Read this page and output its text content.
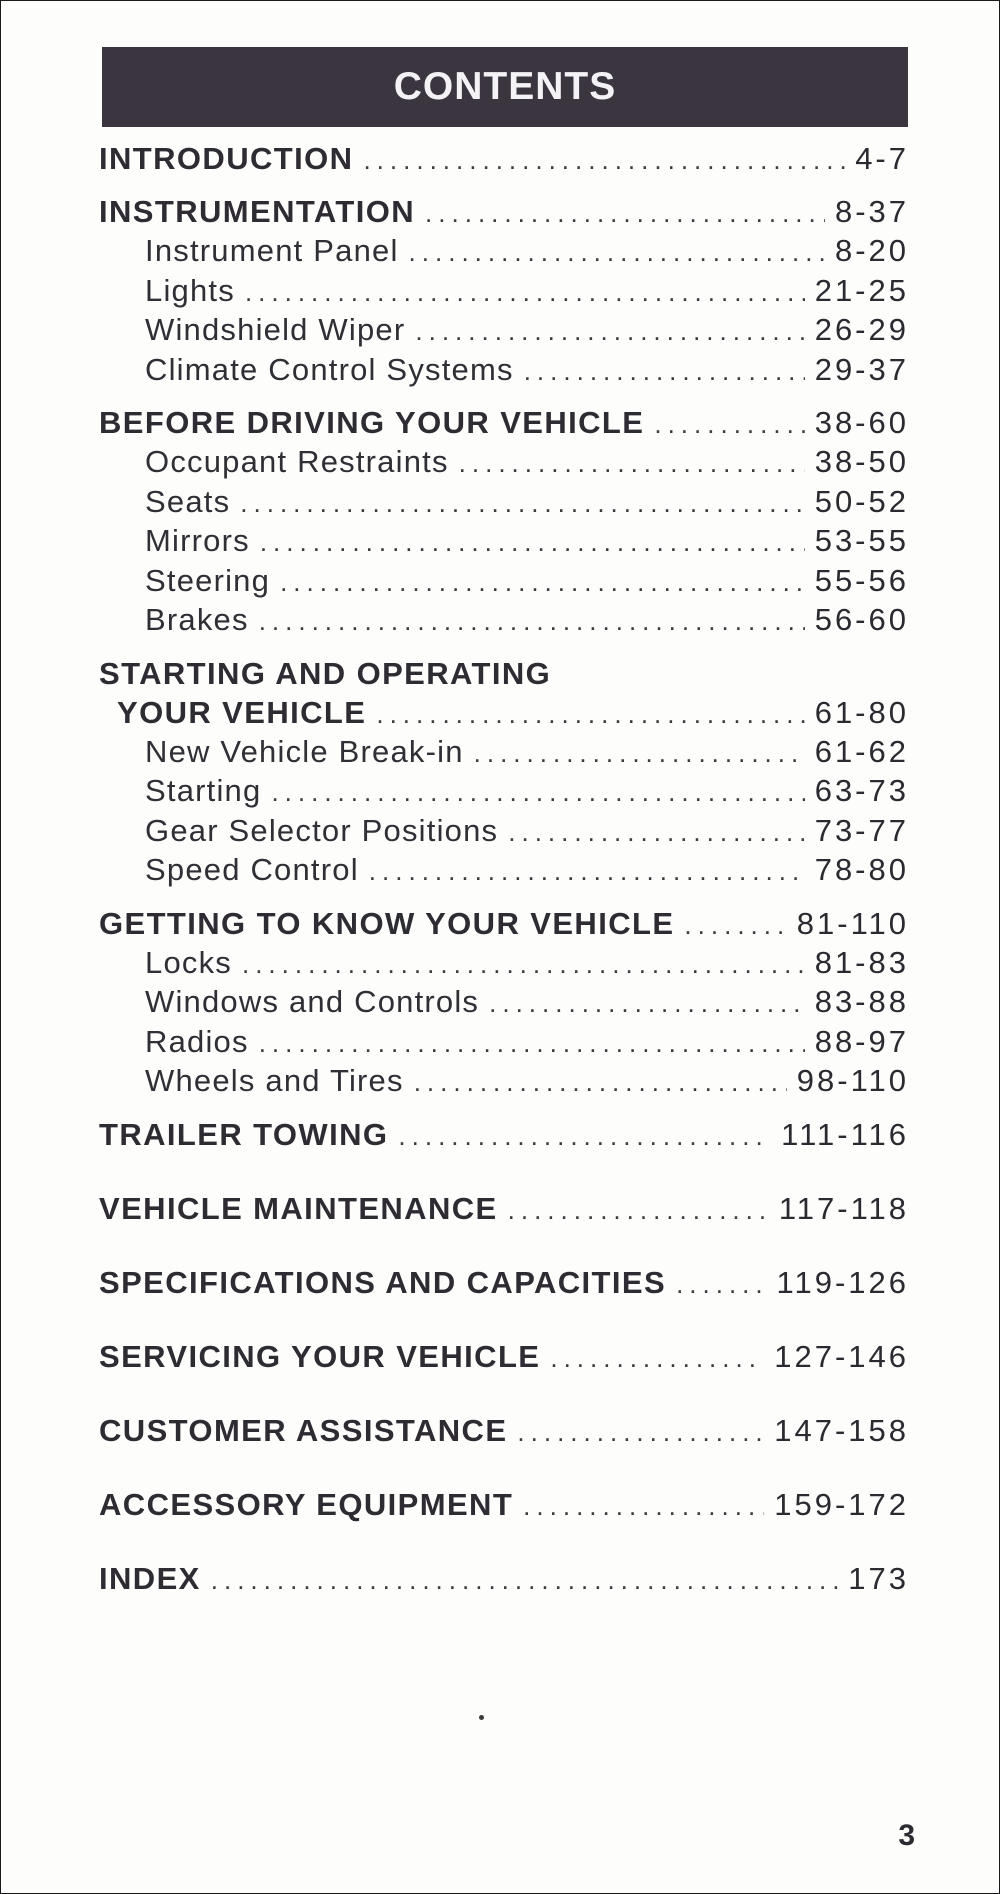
CONTENTS
INTRODUCTION .....	4-7
INSTRUMENTATION .....	8-37
Instrument Panel .....	8-20
Lights .....	21-25
Windshield Wiper .....	26-29
Climate Control Systems .....	29-37
BEFORE DRIVING YOUR VEHICLE .....	38-60
Occupant Restraints .....	38-50
Seats .....	50-52
Mirrors .....	53-55
Steering .....	55-56
Brakes .....	56-60
STARTING AND OPERATING
YOUR VEHICLE .....	61-80
New Vehicle Break-in .....	61-62
Starting .....	63-73
Gear Selector Positions .....	73-77
Speed Control .....	78-80
GETTING TO KNOW YOUR VEHICLE .....	81-110
Locks .....	81-83
Windows and Controls .....	83-88
Radios .....	88-97
Wheels and Tires .....	98-110
TRAILER TOWING .....	111-116
VEHICLE MAINTENANCE .....	117-118
SPECIFICATIONS AND CAPACITIES .....	119-126
SERVICING YOUR VEHICLE .....	127-146
CUSTOMER ASSISTANCE .....	147-158
ACCESSORY EQUIPMENT .....	159-172
INDEX .....	173
3
